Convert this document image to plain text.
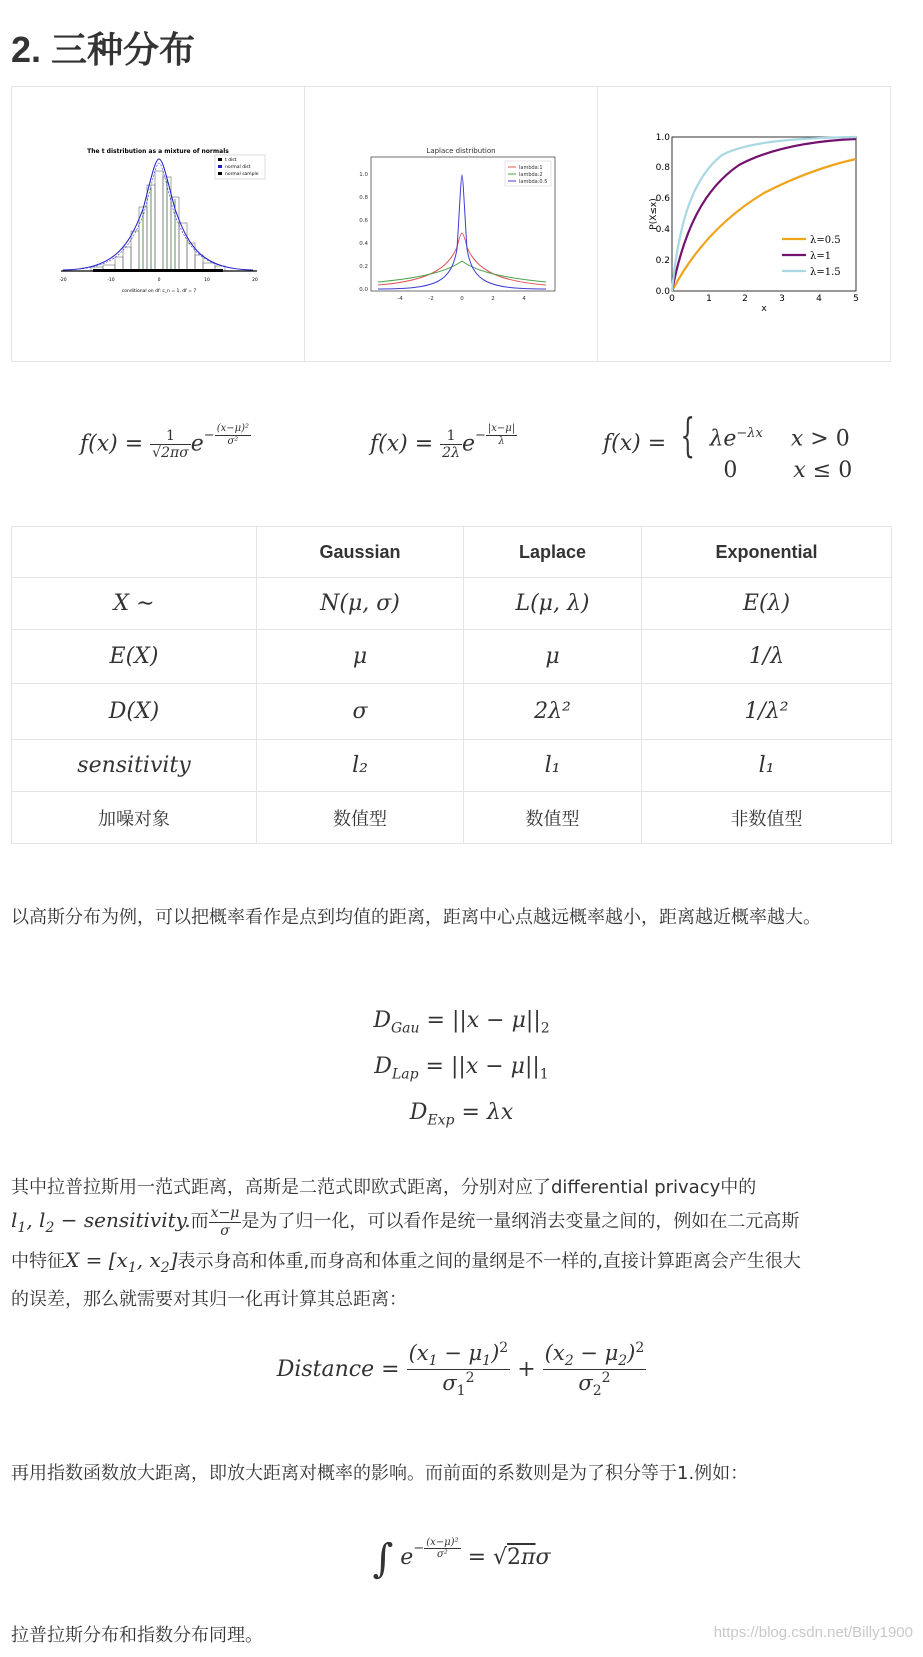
2. 三种分布
The t distribution as a mixture of normals
t dist
normal dist
normal sample
-20	-10	0	10	20
conditional on df: c_n = 1, df = 7

Laplace distribution
0.0
0.2
0.4
0.6
0.8
1.0
-4	-2	0	2	4
lambda:1
lambda:2
lambda:0.5

0.0
0.2
0.4
0.6
0.8
1.0
0	1	2	3	4	5
x
P(X≤x)
λ=0.5
λ=1
λ=1.5
$f(x) = \frac{1}{√2\pi\sigma} e^{- \frac{\text{(x−μ)²}}{\text{σ²}}}$	$f(x) = \frac{1}{2\lambda} e^{- \frac{|x-\mu|}{\lambda}}$	f(x) = { $\lambda e^{-\lambda x}$    x > 0
0        x ≤ 0
	Gaussian	Laplace	Exponential
X ∼	N(μ, σ)	L(μ, λ)	E(λ)
E(X)	μ	μ	1/λ
D(X)	σ	2λ²	1/λ²
sensitivity	l₂	l₁	l₁
加噪对象	数值型	数值型	非数值型

以高斯分布为例，可以把概率看作是点到均值的距离，距离中心点越远概率越小，距离越近概率越大。

$D_{Gau} = ||x - \mu||_2$
$D_{Lap} = ||x - \mu||_1$
$D_{Exp} = \lambda x$
其中拉普拉斯用一范式距离，高斯是二范式即欧式距离，分别对应了differential privacy中的
$l_1$, $l_2$ − sensitivity.而 $\frac{x-\mu}{\sigma}$ 是为了归一化，可以看作是统一量纲消去变量之间的，例如在二元高斯
中特征$X = [x_1$, $x_2$]表示身高和体重,而身高和体重之间的量纲是不一样的,直接计算距离会产生很大
的误差，那么就需要对其归一化再计算其总距离：
Distance = $\frac{(x_1 - \mu_1)^2}{\sigma_1^2} + \frac{(x_2 - \mu_2)^2}{\sigma_2^2}$

再用指数函数放大距离，即放大距离对概率的影响。而前面的系数则是为了积分等于1.例如：

∫ $e^{- \frac{\text{(x−μ)²}}{\text{σ²}}} = √2\pi\sigma$

拉普拉斯分布和指数分布同理。	https://blog.csdn.net/Billy1900
